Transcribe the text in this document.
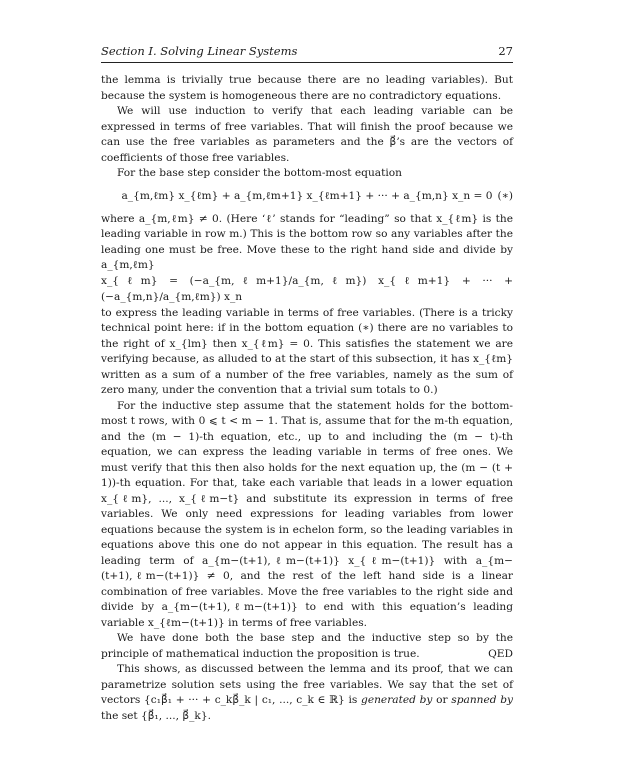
Section I. Solving Linear Systems	27

the lemma is trivially true because there are no leading variables). But because the system is homogeneous there are no contradictory equations.

We will use induction to verify that each leading variable can be expressed in terms of free variables. That will finish the proof because we can use the free variables as parameters and the β⃗’s are the vectors of coefficients of those free variables.

For the base step consider the bottom-most equation

a_{m,ℓm} x_{ℓm} + a_{m,ℓm+1} x_{ℓm+1} + ··· + a_{m,n} x_n = 0 (∗)

where a_{m,ℓm} ≠ 0. (Here ‘ℓ’ stands for “leading” so that x_{ℓm} is the leading variable in row m.) This is the bottom row so any variables after the leading one must be free. Move these to the right hand side and divide by a_{m,ℓm}

x_{ℓm} = (−a_{m,ℓm+1}/a_{m,ℓm}) x_{ℓm+1} + ··· + (−a_{m,n}/a_{m,ℓm}) x_n

to express the leading variable in terms of free variables. (There is a tricky technical point here: if in the bottom equation (∗) there are no variables to the right of x_{lm} then x_{ℓm} = 0. This satisfies the statement we are verifying because, as alluded to at the start of this subsection, it has x_{ℓm} written as a sum of a number of the free variables, namely as the sum of zero many, under the convention that a trivial sum totals to 0.)

For the inductive step assume that the statement holds for the bottom-most t rows, with 0 ⩽ t < m − 1. That is, assume that for the m-th equation, and the (m − 1)-th equation, etc., up to and including the (m − t)-th equation, we can express the leading variable in terms of free ones. We must verify that this then also holds for the next equation up, the (m − (t + 1))-th equation. For that, take each variable that leads in a lower equation x_{ℓm}, ..., x_{ℓm−t} and substitute its expression in terms of free variables. We only need expressions for leading variables from lower equations because the system is in echelon form, so the leading variables in equations above this one do not appear in this equation. The result has a leading term of a_{m−(t+1),ℓm−(t+1)} x_{ℓm−(t+1)} with a_{m−(t+1),ℓm−(t+1)} ≠ 0, and the rest of the left hand side is a linear combination of free variables. Move the free variables to the right side and divide by a_{m−(t+1),ℓm−(t+1)} to end with this equation’s leading variable x_{ℓm−(t+1)} in terms of free variables.

We have done both the base step and the inductive step so by the principle of mathematical induction the proposition is true.	QED

This shows, as discussed between the lemma and its proof, that we can parametrize solution sets using the free variables. We say that the set of vectors {c₁β⃗₁ + ··· + c_kβ⃗_k | c₁, ..., c_k ∈ ℝ} is generated by or spanned by the set {β⃗₁, ..., β⃗_k}.
